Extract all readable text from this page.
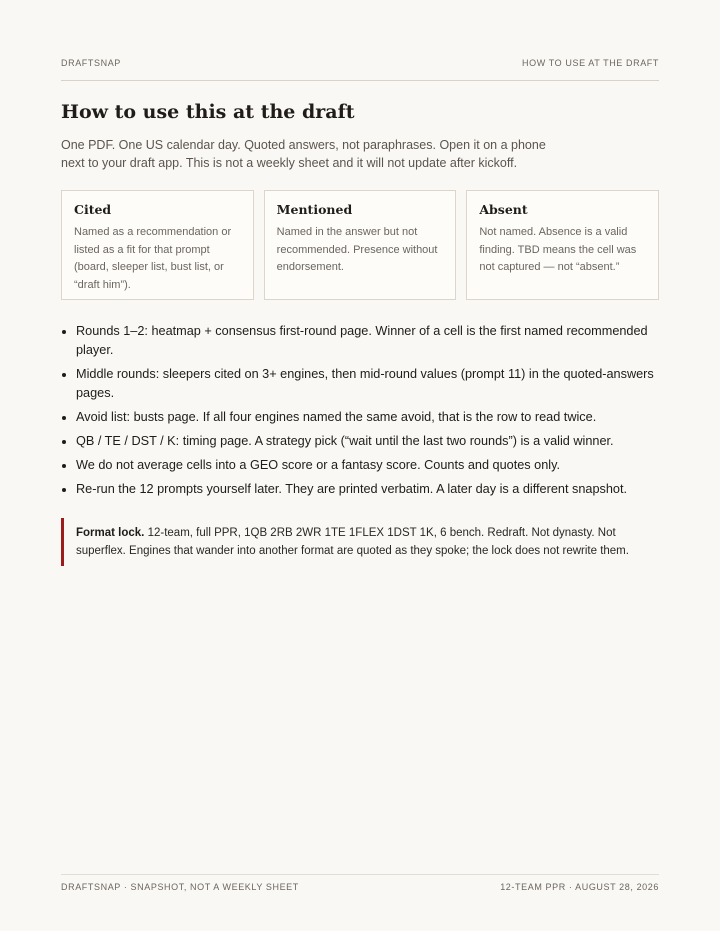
DRAFTSNAP	HOW TO USE AT THE DRAFT
How to use this at the draft

One PDF. One US calendar day. Quoted answers, not paraphrases. Open it on a phone next to your draft app. This is not a weekly sheet and it will not update after kickoff.

Cited

Named as a recommendation or listed as a fit for that prompt (board, sleeper list, bust list, or “draft him”).

Mentioned

Named in the answer but not recommended. Presence without endorsement.

Absent

Not named. Absence is a valid finding. TBD means the cell was not captured — not “absent.”

• Rounds 1–2: heatmap + consensus first-round page. Winner of a cell is the first named recommended player.
• Middle rounds: sleepers cited on 3+ engines, then mid-round values (prompt 11) in the quoted-answers pages.
• Avoid list: busts page. If all four engines named the same avoid, that is the row to read twice.
• QB / TE / DST / K: timing page. A strategy pick (“wait until the last two rounds”) is a valid winner.
• We do not average cells into a GEO score or a fantasy score. Counts and quotes only.
• Re-run the 12 prompts yourself later. They are printed verbatim. A later day is a different snapshot.
Format lock. 12-team, full PPR, 1QB 2RB 2WR 1TE 1FLEX 1DST 1K, 6 bench. Redraft. Not dynasty. Not superflex. Engines that wander into another format are quoted as they spoke; the lock does not rewrite them.
DRAFTSNAP · SNAPSHOT, NOT A WEEKLY SHEET	12-TEAM PPR · AUGUST 28, 2026
